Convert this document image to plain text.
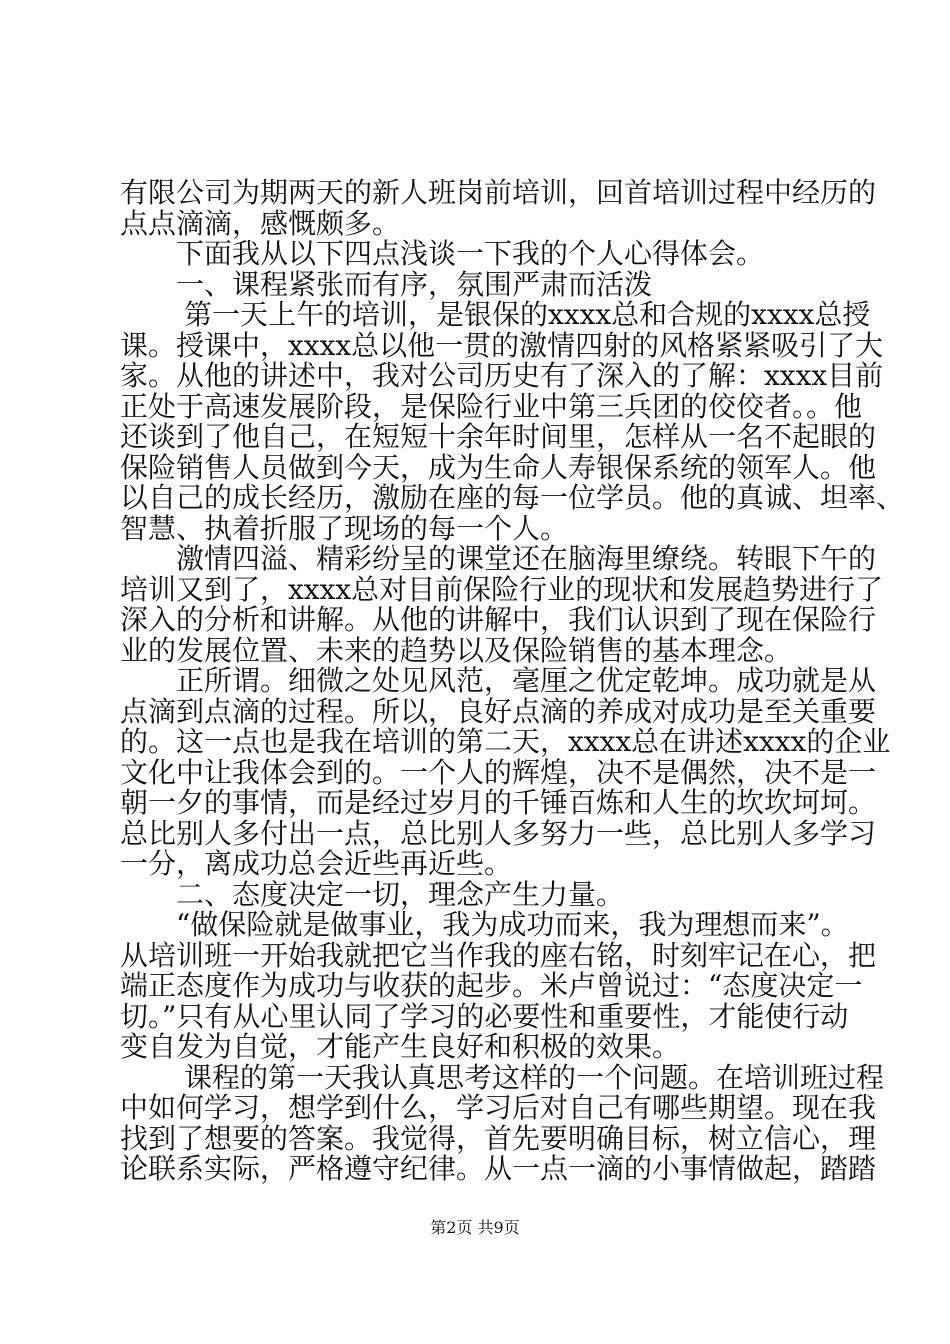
有限公司为期两天的新人班岗前培训，回首培训过程中经历的
点点滴滴，感慨颇多。
下面我从以下四点浅谈一下我的个人心得体会。
一、课程紧张而有序，氛围严肃而活泼
第一天上午的培训，是银保的xxxx总和合规的xxxx总授
课。授课中，xxxx总以他一贯的激情四射的风格紧紧吸引了大
家。从他的讲述中，我对公司历史有了深入的了解：xxxx目前
正处于高速发展阶段，是保险行业中第三兵团的佼佼者。。他
还谈到了他自己，在短短十余年时间里，怎样从一名不起眼的
保险销售人员做到今天，成为生命人寿银保系统的领军人。他
以自己的成长经历，激励在座的每一位学员。他的真诚、坦率、
智慧、执着折服了现场的每一个人。
激情四溢、精彩纷呈的课堂还在脑海里缭绕。转眼下午的
培训又到了，xxxx总对目前保险行业的现状和发展趋势进行了
深入的分析和讲解。从他的讲解中，我们认识到了现在保险行
业的发展位置、未来的趋势以及保险销售的基本理念。
正所谓。细微之处见风范，毫厘之优定乾坤。成功就是从
点滴到点滴的过程。所以，良好点滴的养成对成功是至关重要
的。这一点也是我在培训的第二天，xxxx总在讲述xxxx的企业
文化中让我体会到的。一个人的辉煌，决不是偶然，决不是一
朝一夕的事情，而是经过岁月的千锤百炼和人生的坎坎坷坷。
总比别人多付出一点，总比别人多努力一些，总比别人多学习
一分，离成功总会近些再近些。
二、态度决定一切，理念产生力量。
“做保险就是做事业，我为成功而来，我为理想而来”。
从培训班一开始我就把它当作我的座右铭，时刻牢记在心，把
端正态度作为成功与收获的起步。米卢曾说过：“态度决定一
切。”只有从心里认同了学习的必要性和重要性，才能使行动
变自发为自觉，才能产生良好和积极的效果。
课程的第一天我认真思考这样的一个问题。在培训班过程
中如何学习，想学到什么，学习后对自己有哪些期望。现在我
找到了想要的答案。我觉得，首先要明确目标，树立信心，理
论联系实际，严格遵守纪律。从一点一滴的小事情做起，踏踏
第2页 共9页
